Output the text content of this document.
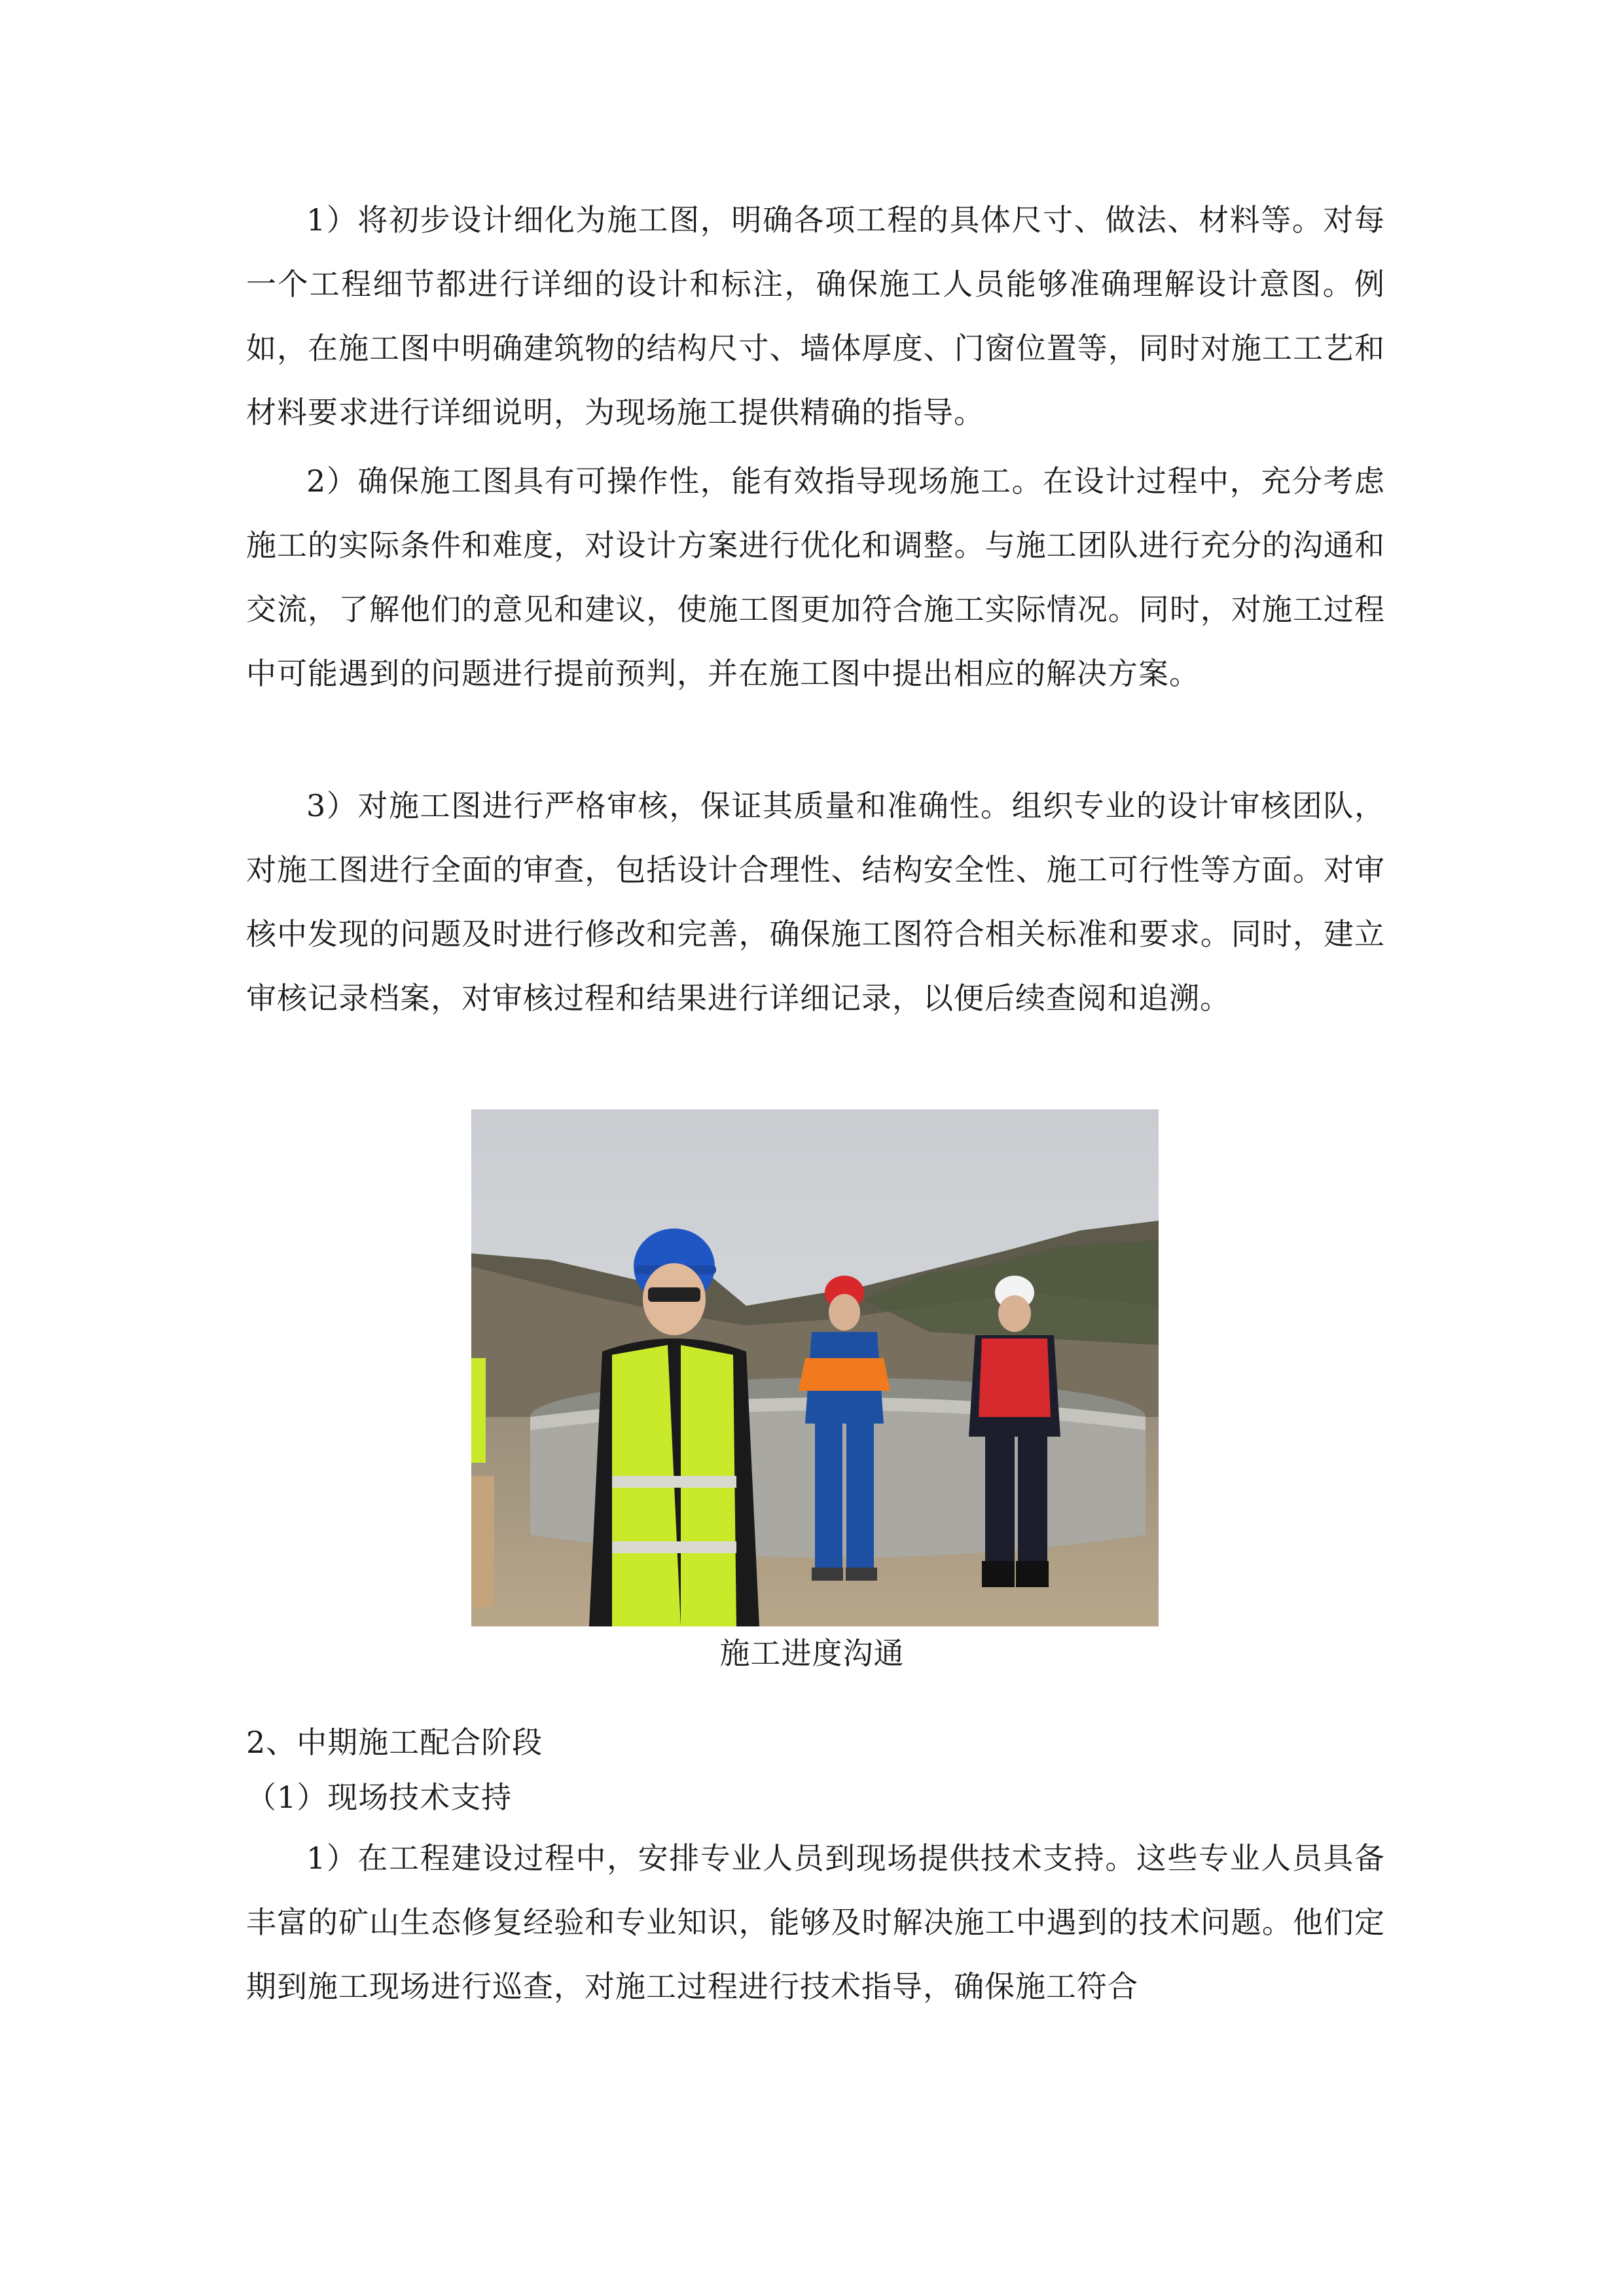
1）将初步设计细化为施工图，明确各项工程的具体尺寸、做法、材料等。对每一个工程细节都进行详细的设计和标注，确保施工人员能够准确理解设计意图。例如，在施工图中明确建筑物的结构尺寸、墙体厚度、门窗位置等，同时对施工工艺和材料要求进行详细说明，为现场施工提供精确的指导。

2）确保施工图具有可操作性，能有效指导现场施工。在设计过程中，充分考虑施工的实际条件和难度，对设计方案进行优化和调整。与施工团队进行充分的沟通和交流，了解他们的意见和建议，使施工图更加符合施工实际情况。同时，对施工过程中可能遇到的问题进行提前预判，并在施工图中提出相应的解决方案。

3）对施工图进行严格审核，保证其质量和准确性。组织专业的设计审核团队，对施工图进行全面的审查，包括设计合理性、结构安全性、施工可行性等方面。对审核中发现的问题及时进行修改和完善，确保施工图符合相关标准和要求。同时，建立审核记录档案，对审核过程和结果进行详细记录，以便后续查阅和追溯。

施工进度沟通

2、中期施工配合阶段

（1）现场技术支持

1）在工程建设过程中，安排专业人员到现场提供技术支持。这些专业人员具备丰富的矿山生态修复经验和专业知识，能够及时解决施工中遇到的技术问题。他们定期到施工现场进行巡查，对施工过程进行技术指导，确保施工符合
